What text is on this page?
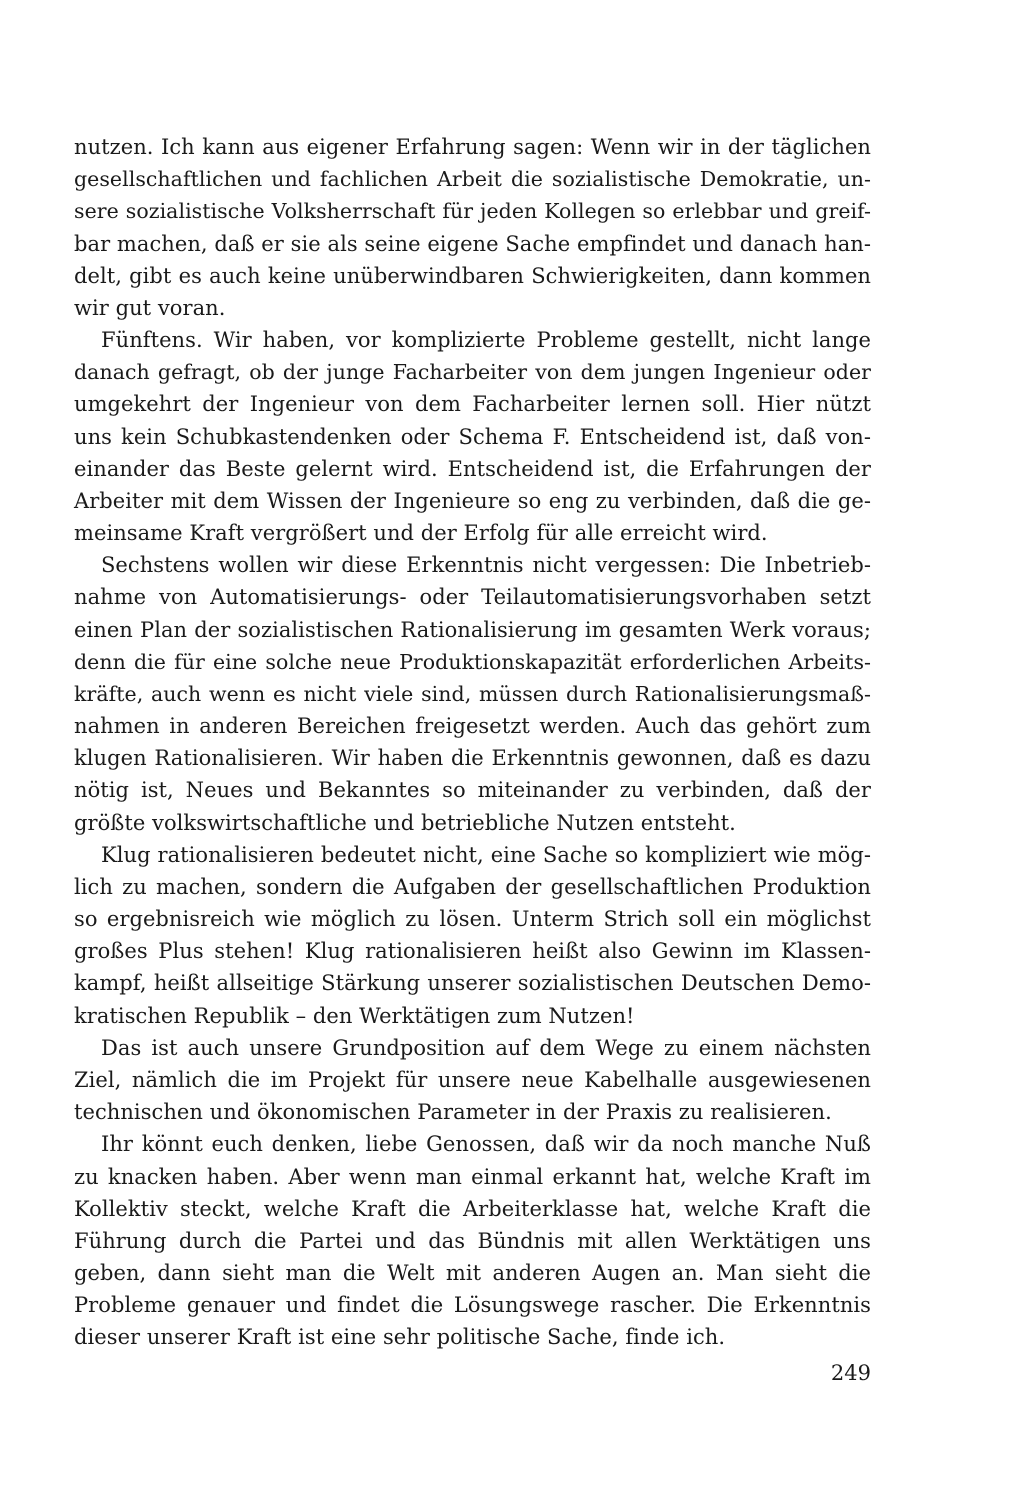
nutzen. Ich kann aus eigener Erfahrung sagen: Wenn wir in der täglichen
gesellschaftlichen und fachlichen Arbeit die sozialistische Demokratie, un-
sere sozialistische Volksherrschaft für jeden Kollegen so erlebbar und greif-
bar machen, daß er sie als seine eigene Sache empfindet und danach han-
delt, gibt es auch keine unüberwindbaren Schwierigkeiten, dann kommen
wir gut voran.
Fünftens. Wir haben, vor komplizierte Probleme gestellt, nicht lange
danach gefragt, ob der junge Facharbeiter von dem jungen Ingenieur oder
umgekehrt der Ingenieur von dem Facharbeiter lernen soll. Hier nützt
uns kein Schubkastendenken oder Schema F. Entscheidend ist, daß von-
einander das Beste gelernt wird. Entscheidend ist, die Erfahrungen der
Arbeiter mit dem Wissen der Ingenieure so eng zu verbinden, daß die ge-
meinsame Kraft vergrößert und der Erfolg für alle erreicht wird.
Sechstens wollen wir diese Erkenntnis nicht vergessen: Die Inbetrieb-
nahme von Automatisierungs- oder Teilautomatisierungsvorhaben setzt
einen Plan der sozialistischen Rationalisierung im gesamten Werk voraus;
denn die für eine solche neue Produktionskapazität erforderlichen Arbeits-
kräfte, auch wenn es nicht viele sind, müssen durch Rationalisierungsmaß-
nahmen in anderen Bereichen freigesetzt werden. Auch das gehört zum
klugen Rationalisieren. Wir haben die Erkenntnis gewonnen, daß es dazu
nötig ist, Neues und Bekanntes so miteinander zu verbinden, daß der
größte volkswirtschaftliche und betriebliche Nutzen entsteht.
Klug rationalisieren bedeutet nicht, eine Sache so kompliziert wie mög-
lich zu machen, sondern die Aufgaben der gesellschaftlichen Produktion
so ergebnisreich wie möglich zu lösen. Unterm Strich soll ein möglichst
großes Plus stehen! Klug rationalisieren heißt also Gewinn im Klassen-
kampf, heißt allseitige Stärkung unserer sozialistischen Deutschen Demo-
kratischen Republik – den Werktätigen zum Nutzen!
Das ist auch unsere Grundposition auf dem Wege zu einem nächsten
Ziel, nämlich die im Projekt für unsere neue Kabelhalle ausgewiesenen
technischen und ökonomischen Parameter in der Praxis zu realisieren.
Ihr könnt euch denken, liebe Genossen, daß wir da noch manche Nuß
zu knacken haben. Aber wenn man einmal erkannt hat, welche Kraft im
Kollektiv steckt, welche Kraft die Arbeiterklasse hat, welche Kraft die
Führung durch die Partei und das Bündnis mit allen Werktätigen uns
geben, dann sieht man die Welt mit anderen Augen an. Man sieht die
Probleme genauer und findet die Lösungswege rascher. Die Erkenntnis
dieser unserer Kraft ist eine sehr politische Sache, finde ich.
249
